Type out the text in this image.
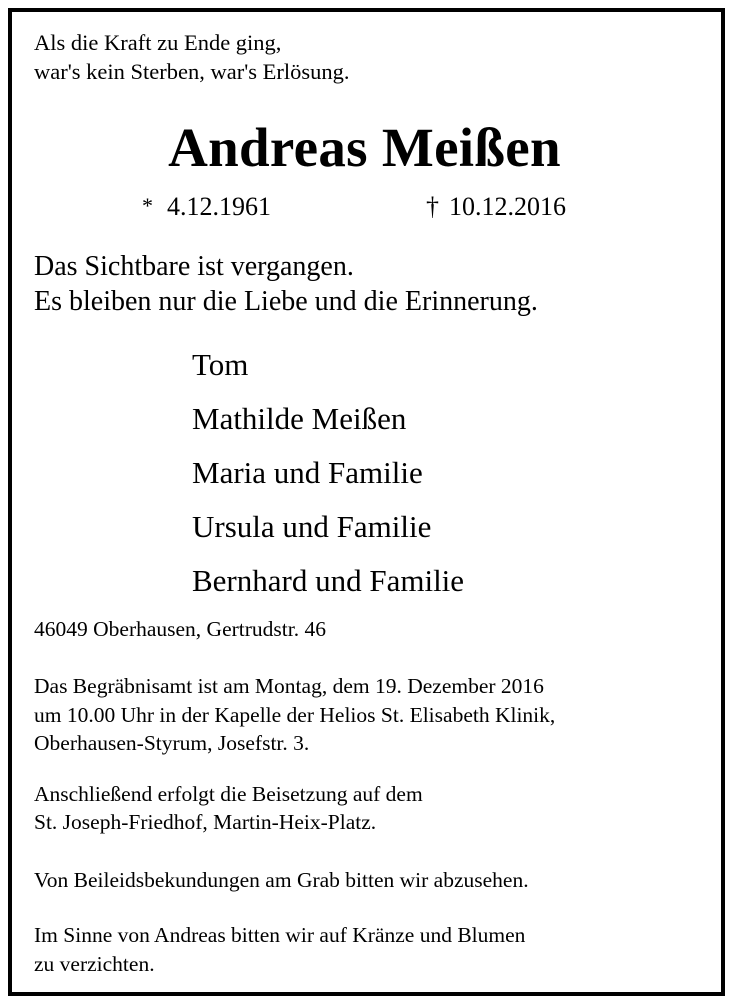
Als die Kraft zu Ende ging,
war's kein Sterben, war's Erlösung.
Andreas Meißen
* 4.12.1961	† 10.12.2016
Das Sichtbare ist vergangen.
Es bleiben nur die Liebe und die Erinnerung.
Tom
Mathilde Meißen
Maria und Familie
Ursula und Familie
Bernhard und Familie
46049 Oberhausen, Gertrudstr. 46
Das Begräbnisamt ist am Montag, dem 19. Dezember 2016
um 10.00 Uhr in der Kapelle der Helios St. Elisabeth Klinik,
Oberhausen-Styrum, Josefstr. 3.
Anschließend erfolgt die Beisetzung auf dem
St. Joseph-Friedhof, Martin-Heix-Platz.
Von Beileidsbekundungen am Grab bitten wir abzusehen.
Im Sinne von Andreas bitten wir auf Kränze und Blumen
zu verzichten.
